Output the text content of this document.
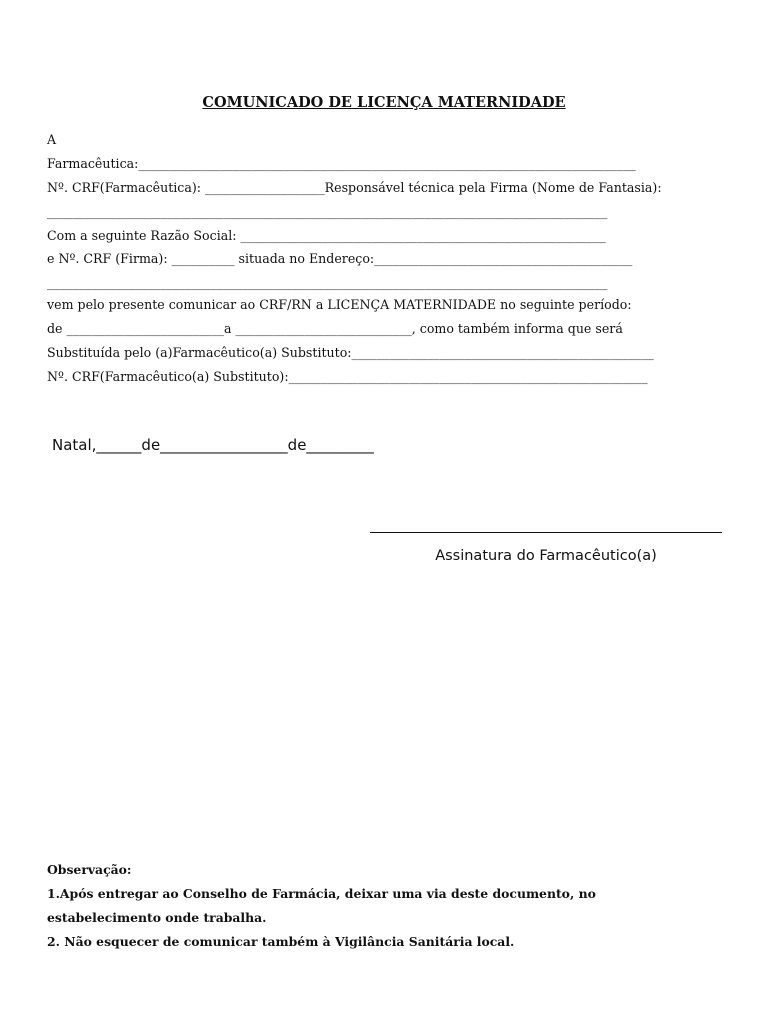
COMUNICADO DE LICENÇA MATERNIDADE
A
Farmacêutica:_______________________________________________________________________________
Nº. CRF(Farmacêutica): ___________________Responsável técnica pela Firma (Nome de Fantasia):
_________________________________________________________________________________________
Com a seguinte Razão Social: __________________________________________________________
e Nº. CRF (Firma): __________ situada no Endereço:_________________________________________
_________________________________________________________________________________________
vem pelo presente comunicar ao CRF/RN a LICENÇA MATERNIDADE no seguinte período:
de _________________________a ____________________________, como também informa que será
Substituída pelo (a)Farmacêutico(a) Substituto:________________________________________________
Nº. CRF(Farmacêutico(a) Substituto):_________________________________________________________
Natal,______de_________________de_________
Assinatura do Farmacêutico(a)
Observação:
1.Após entregar ao Conselho de Farmácia, deixar uma via deste documento, no
estabelecimento onde trabalha.
2. Não esquecer de comunicar também à Vigilância Sanitária local.
